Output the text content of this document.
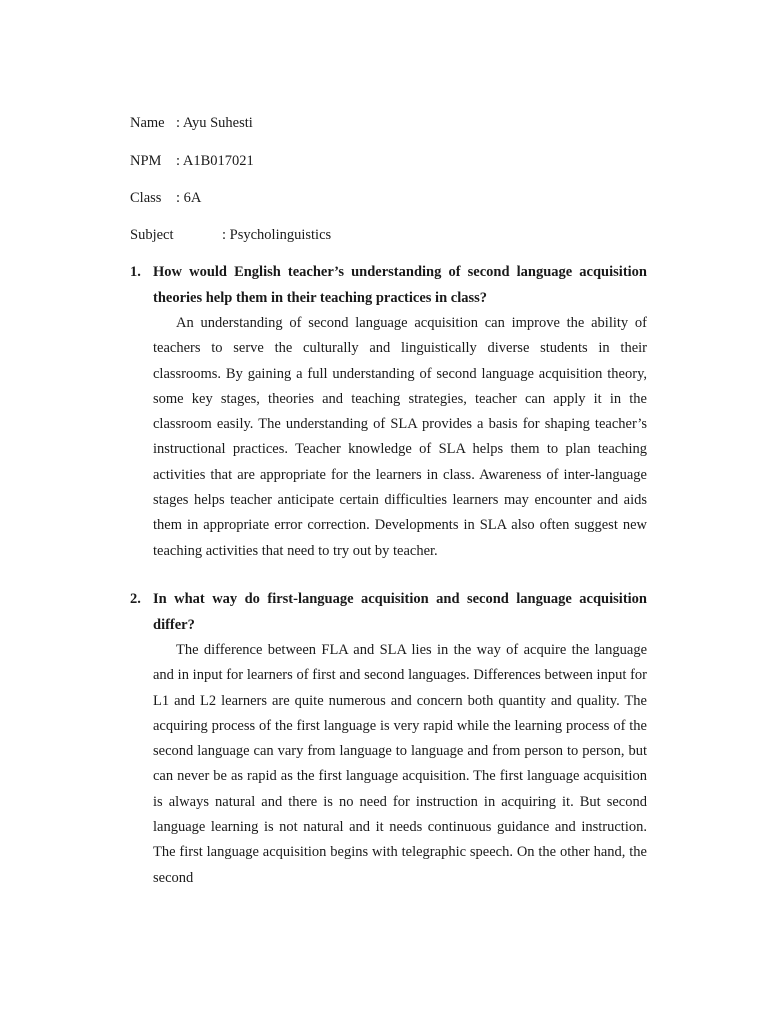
Name : Ayu Suhesti
NPM : A1B017021
Class : 6A
Subject	: Psycholinguistics
1. How would English teacher’s understanding of second language acquisition theories help them in their teaching practices in class?
An understanding of second language acquisition can improve the ability of teachers to serve the culturally and linguistically diverse students in their classrooms. By gaining a full understanding of second language acquisition theory, some key stages, theories and teaching strategies, teacher can apply it in the classroom easily. The understanding of SLA provides a basis for shaping teacher’s instructional practices. Teacher knowledge of SLA helps them to plan teaching activities that are appropriate for the learners in class. Awareness of inter-language stages helps teacher anticipate certain difficulties learners may encounter and aids them in appropriate error correction. Developments in SLA also often suggest new teaching activities that need to try out by teacher.
2. In what way do first-language acquisition and second language acquisition differ?
The difference between FLA and SLA lies in the way of acquire the language and in input for learners of first and second languages. Differences between input for L1 and L2 learners are quite numerous and concern both quantity and quality. The acquiring process of the first language is very rapid while the learning process of the second language can vary from language to language and from person to person, but can never be as rapid as the first language acquisition. The first language acquisition is always natural and there is no need for instruction in acquiring it. But second language learning is not natural and it needs continuous guidance and instruction. The first language acquisition begins with telegraphic speech. On the other hand, the second
